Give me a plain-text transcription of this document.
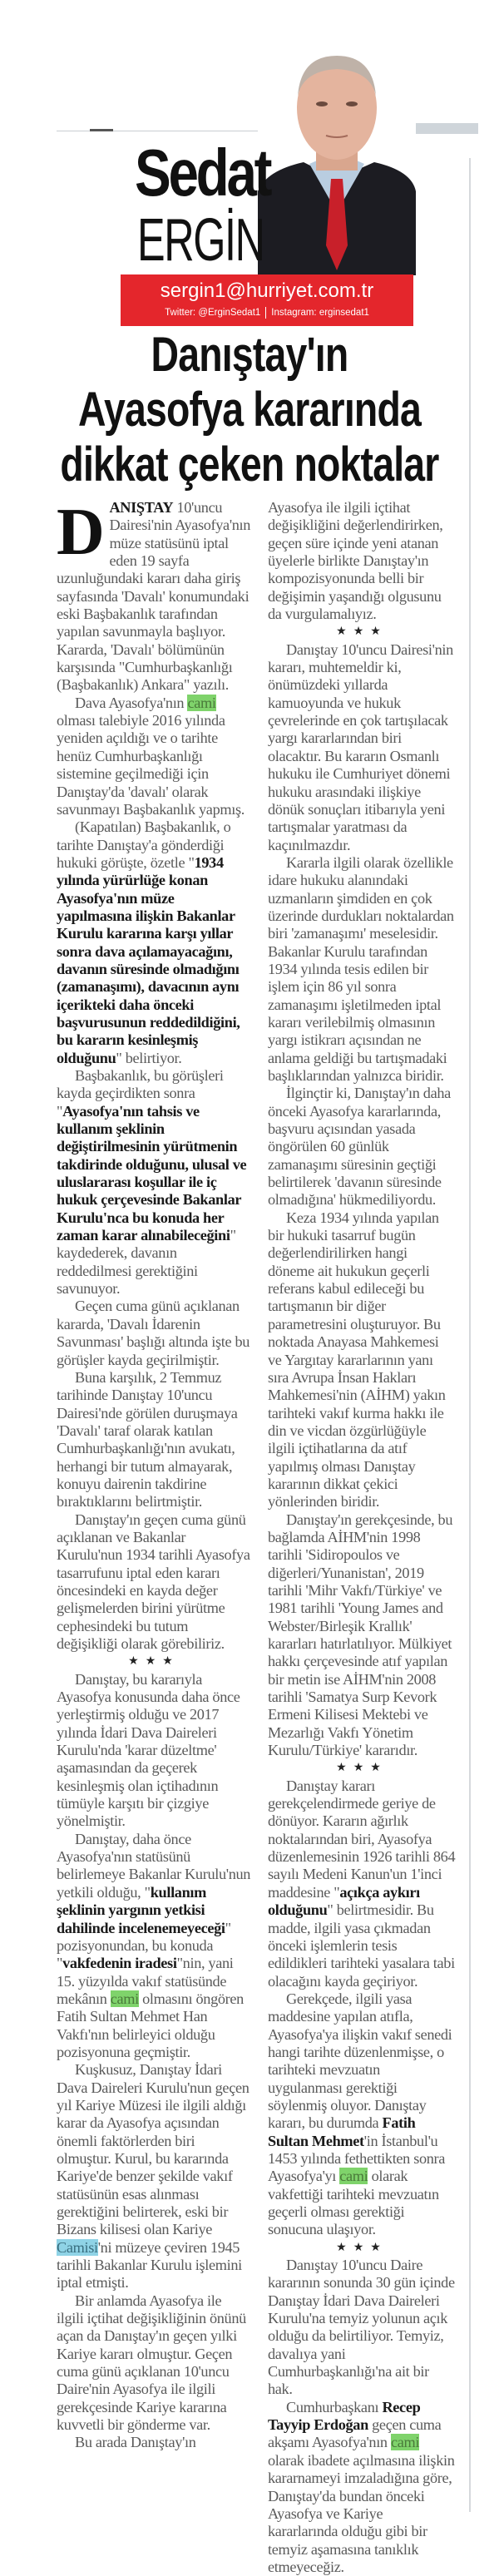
Sedat
ERGİN
sergin1@hurriyet.com.tr
Twitter: @ErginSedat1 Instagram: erginsedat1
Danıştay'ın
Ayasofya kararında
dikkat çeken noktalar

DANIŞTAY 10'uncu Dairesi'nin Ayasofya'nın müze statüsünü iptal eden 19 sayfa uzunluğundaki kararı daha giriş sayfasında 'Davalı' konumundaki eski Başbakanlık tarafından yapılan savunmayla başlıyor. Kararda, 'Davalı' bölümünün karşısında "Cumhurbaşkanlığı (Başbakanlık) Ankara" yazılı.

Dava Ayasofya'nın cami olması talebiyle 2016 yılında yeniden açıldığı ve o tarihte henüz Cumhurbaşkanlığı sistemine geçilmediği için Danıştay'da 'davalı' olarak savunmayı Başbakanlık yapmış.

(Kapatılan) Başbakanlık, o tarihte Danıştay'a gönderdiği hukuki görüşte, özetle "1934 yılında yürürlüğe konan Ayasofya'nın müze yapılmasına ilişkin Bakanlar Kurulu kararına karşı yıllar sonra dava açılamayacağını, davanın süresinde olmadığını (zamanaşımı), davacının aynı içerikteki daha önceki başvurusunun reddedildiğini, bu kararın kesinleşmiş olduğunu" belirtiyor.

Başbakanlık, bu görüşleri kayda geçirdikten sonra "Ayasofya'nın tahsis ve kullanım şeklinin değiştirilmesinin yürütmenin takdirinde olduğunu, ulusal ve uluslararası koşullar ile iç hukuk çerçevesinde Bakanlar Kurulu'nca bu konuda her zaman karar alınabileceğini" kaydederek, davanın reddedilmesi gerektiğini savunuyor.

Geçen cuma günü açıklanan kararda, 'Davalı İdarenin Savunması' başlığı altında işte bu görüşler kayda geçirilmiştir.

Buna karşılık, 2 Temmuz tarihinde Danıştay 10'uncu Dairesi'nde görülen duruşmaya 'Davalı' taraf olarak katılan Cumhurbaşkanlığı'nın avukatı, herhangi bir tutum almayarak, konuyu dairenin takdirine bıraktıklarını belirtmiştir.

Danıştay'ın geçen cuma günü açıklanan ve Bakanlar Kurulu'nun 1934 tarihli Ayasofya tasarrufunu iptal eden kararı öncesindeki en kayda değer gelişmelerden birini yürütme cephesindeki bu tutum değişikliği olarak görebiliriz.

★★★

Danıştay, bu kararıyla Ayasofya konusunda daha önce yerleştirmiş olduğu ve 2017 yılında İdari Dava Daireleri Kurulu'nda 'karar düzeltme' aşamasından da geçerek kesinleşmiş olan içtihadının tümüyle karşıtı bir çizgiye yönelmiştir.

Danıştay, daha önce Ayasofya'nın statüsünü belirlemeye Bakanlar Kurulu'nun yetkili olduğu, "kullanım şeklinin yargının yetkisi dahilinde incelenemeyeceği" pozisyonundan, bu konuda "vakfedenin iradesi"nin, yani 15. yüzyılda vakıf statüsünde mekânın cami olmasını öngören Fatih Sultan Mehmet Han Vakfı'nın belirleyici olduğu pozisyonuna geçmiştir.

Kuşkusuz, Danıştay İdari Dava Daireleri Kurulu'nun geçen yıl Kariye Müzesi ile ilgili aldığı karar da Ayasofya açısından önemli faktörlerden biri olmuştur. Kurul, bu kararında Kariye'de benzer şekilde vakıf statüsünün esas alınması gerektiğini belirterek, eski bir Bizans kilisesi olan Kariye Camisi'ni müzeye çeviren 1945 tarihli Bakanlar Kurulu işlemini iptal etmişti.

Bir anlamda Ayasofya ile ilgili içtihat değişikliğinin önünü açan da Danıştay'ın geçen yılki Kariye kararı olmuştur. Geçen cuma günü açıklanan 10'uncu Daire'nin Ayasofya ile ilgili gerekçesinde Kariye kararına kuvvetli bir gönderme var.

Bu arada Danıştay'ın

Ayasofya ile ilgili içtihat değişikliğini değerlendirirken, geçen süre içinde yeni atanan üyelerle birlikte Danıştay'ın kompozisyonunda belli bir değişimin yaşandığı olgusunu da vurgulamalıyız.

★★★

Danıştay 10'uncu Dairesi'nin kararı, muhtemeldir ki, önümüzdeki yıllarda kamuoyunda ve hukuk çevrelerinde en çok tartışılacak yargı kararlarından biri olacaktır. Bu kararın Osmanlı hukuku ile Cumhuriyet dönemi hukuku arasındaki ilişkiye dönük sonuçları itibarıyla yeni tartışmalar yaratması da kaçınılmazdır.

Kararla ilgili olarak özellikle idare hukuku alanındaki uzmanların şimdiden en çok üzerinde durdukları noktalardan biri 'zamanaşımı' meselesidir. Bakanlar Kurulu tarafından 1934 yılında tesis edilen bir işlem için 86 yıl sonra zamanaşımı işletilmeden iptal kararı verilebilmiş olmasının yargı istikrarı açısından ne anlama geldiği bu tartışmadaki başlıklarından yalnızca biridir.

İlginçtir ki, Danıştay'ın daha önceki Ayasofya kararlarında, başvuru açısından yasada öngörülen 60 günlük zamanaşımı süresinin geçtiği belirtilerek 'davanın süresinde olmadığına' hükmediliyordu.

Keza 1934 yılında yapılan bir hukuki tasarruf bugün değerlendirilirken hangi döneme ait hukukun geçerli referans kabul edileceği bu tartışmanın bir diğer parametresini oluşturuyor. Bu noktada Anayasa Mahkemesi ve Yargıtay kararlarının yanı sıra Avrupa İnsan Hakları Mahkemesi'nin (AİHM) yakın tarihteki vakıf kurma hakkı ile din ve vicdan özgürlüğüyle ilgili içtihatlarına da atıf yapılmış olması Danıştay kararının dikkat çekici yönlerinden biridir.

Danıştay'ın gerekçesinde, bu bağlamda AİHM'nin 1998 tarihli 'Sidiropoulos ve diğerleri/Yunanistan', 2019 tarihli 'Mihr Vakfı/Türkiye' ve 1981 tarihli 'Young James and Webster/Birleşik Krallık' kararları hatırlatılıyor. Mülkiyet hakkı çerçevesinde atıf yapılan bir metin ise AİHM'nin 2008 tarihli 'Samatya Surp Kevork Ermeni Kilisesi Mektebi ve Mezarlığı Vakfı Yönetim Kurulu/Türkiye' kararıdır.

★★★

Danıştay kararı gerekçelendirmede geriye de dönüyor. Kararın ağırlık noktalarından biri, Ayasofya düzenlemesinin 1926 tarihli 864 sayılı Medeni Kanun'un 1'inci maddesine "açıkça aykırı olduğunu" belirtmesidir. Bu madde, ilgili yasa çıkmadan önceki işlemlerin tesis edildikleri tarihteki yasalara tabi olacağını kayda geçiriyor.

Gerekçede, ilgili yasa maddesine yapılan atıfla, Ayasofya'ya ilişkin vakıf senedi hangi tarihte düzenlenmişse, o tarihteki mevzuatın uygulanması gerektiği söylenmiş oluyor. Danıştay kararı, bu durumda Fatih Sultan Mehmet'in İstanbul'u 1453 yılında fethettikten sonra Ayasofya'yı cami olarak vakfettiği tarihteki mevzuatın geçerli olması gerektiği sonucuna ulaşıyor.

★★★

Danıştay 10'uncu Daire kararının sonunda 30 gün içinde Danıştay İdari Dava Daireleri Kurulu'na temyiz yolunun açık olduğu da belirtiliyor. Temyiz, davalıya yani Cumhurbaşkanlığı'na ait bir hak.

Cumhurbaşkanı Recep Tayyip Erdoğan geçen cuma akşamı Ayasofya'nın cami olarak ibadete açılmasına ilişkin kararnameyi imzaladığına göre, Danıştay'da bundan önceki Ayasofya ve Kariye kararlarında olduğu gibi bir temyiz aşamasına tanıklık etmeyeceğiz.
